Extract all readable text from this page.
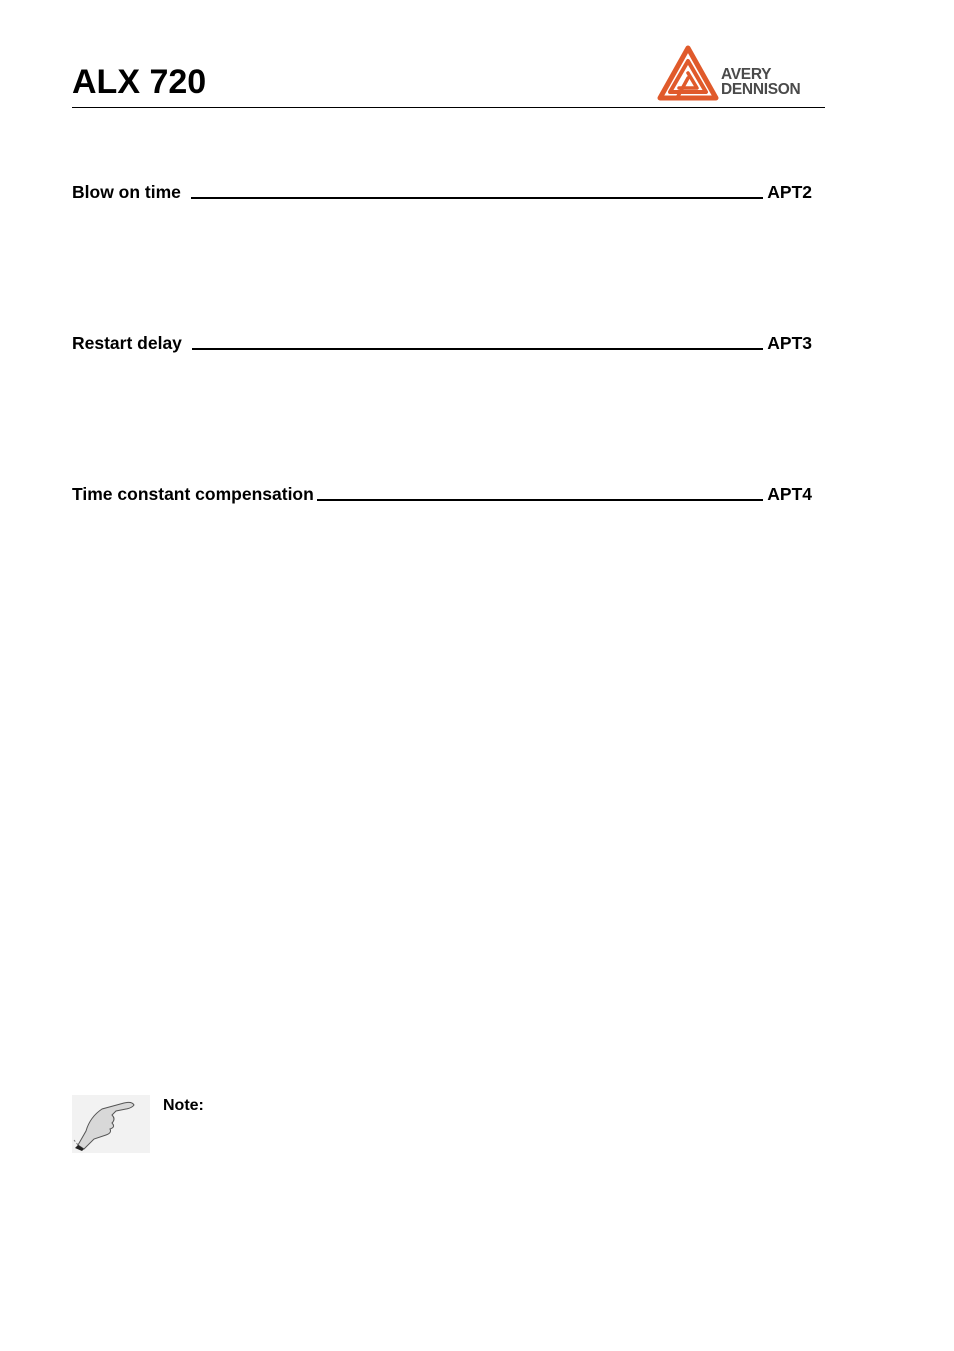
ALX 720	AVERY
DENNISON
Blow on time	APT2
Restart delay	APT3
Time constant compensation	APT4
Note:
